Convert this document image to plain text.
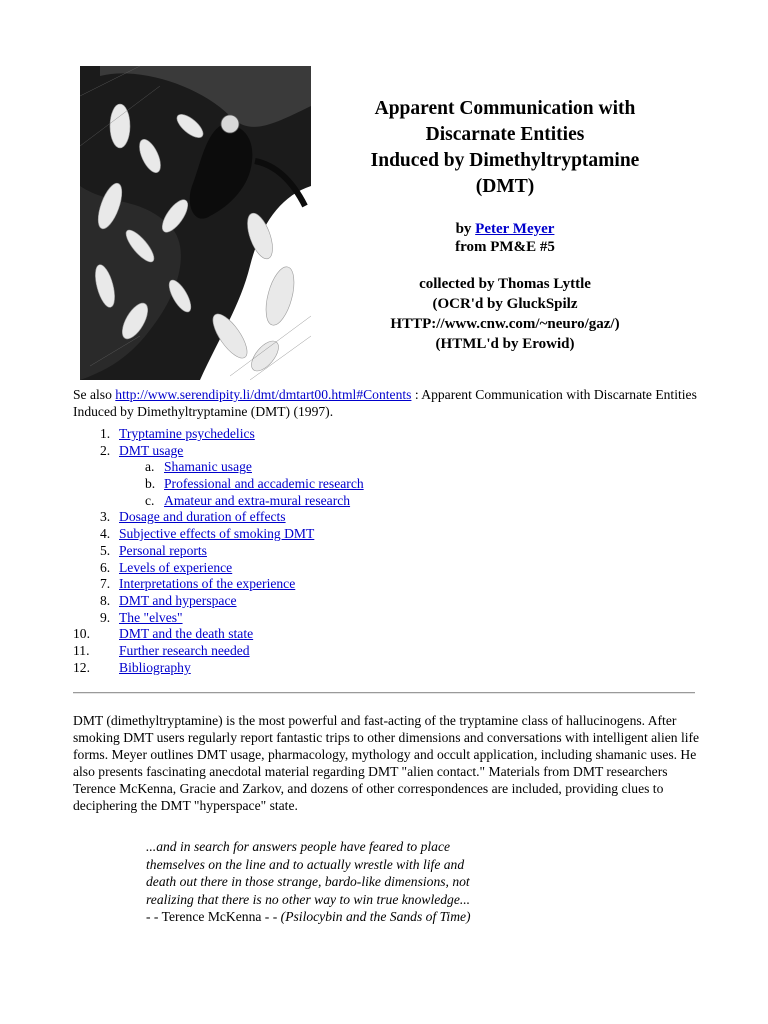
Apparent Communication with
Discarnate Entities
Induced by Dimethyltryptamine
(DMT)
by Peter Meyer
from PM&E #5
collected by Thomas Lyttle
(OCR'd by GluckSpilz
HTTP://www.cnw.com/~neuro/gaz/)
(HTML'd by Erowid)
Se also http://www.serendipity.li/dmt/dmtart00.html#Contents : Apparent Communication with Discarnate Entities Induced by Dimethyltryptamine (DMT) (1997).
1. Tryptamine psychedelics
2. DMT usage
a. Shamanic usage
b. Professional and accademic research
c. Amateur and extra-mural research
3. Dosage and duration of effects
4. Subjective effects of smoking DMT
5. Personal reports
6. Levels of experience
7. Interpretations of the experience
8. DMT and hyperspace
9. The "elves"
10. DMT and the death state
11. Further research needed
12. Bibliography
DMT (dimethyltryptamine) is the most powerful and fast-acting of the tryptamine class of hallucinogens. After smoking DMT users regularly report fantastic trips to other dimensions and conversations with intelligent alien life forms. Meyer outlines DMT usage, pharmacology, mythology and occult application, including shamanic uses. He also presents fascinating anecdotal material regarding DMT "alien contact." Materials from DMT researchers Terence McKenna, Gracie and Zarkov, and dozens of other correspondences are included, providing clues to deciphering the DMT "hyperspace" state.
...and in search for answers people have feared to place
themselves on the line and to actually wrestle with life and
death out there in those strange, bardo-like dimensions, not
realizing that there is no other way to win true knowledge...
- - Terence McKenna - - (Psilocybin and the Sands of Time)
